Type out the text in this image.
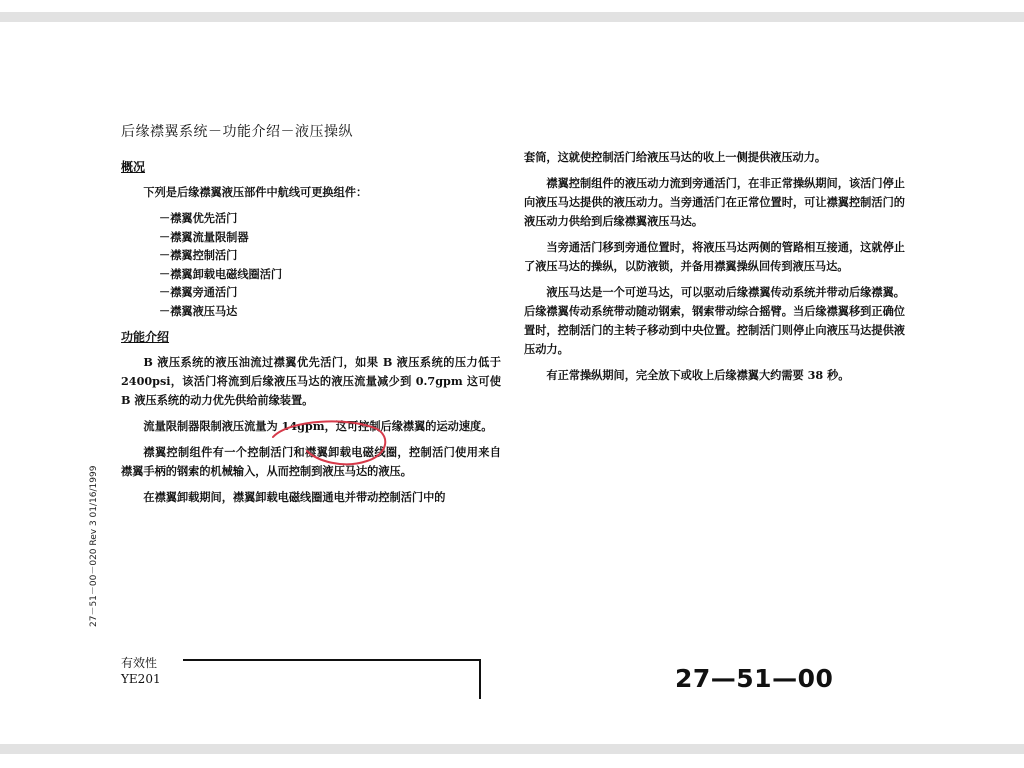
后缘襟翼系统－功能介绍－液压操纵
概况

下列是后缘襟翼液压部件中航线可更换组件：

－襟翼优先活门
－襟翼流量限制器
－襟翼控制活门
－襟翼卸载电磁线圈活门
－襟翼旁通活门
－襟翼液压马达
功能介绍

B 液压系统的液压油流过襟翼优先活门，如果 B 液压系统的压力低于 2400psi，该活门将流到后缘液压马达的液压流量减少到 0.7gpm 这可使 B 液压系统的动力优先供给前缘装置。

流量限制器限制液压流量为 14gpm，这可控制后缘襟翼的运动速度。

襟翼控制组件有一个控制活门和襟翼卸载电磁线圈，控制活门使用来自襟翼手柄的钢索的机械输入，从而控制到液压马达的液压。

在襟翼卸载期间，襟翼卸载电磁线圈通电并带动控制活门中的

套筒，这就使控制活门给液压马达的收上一侧提供液压动力。

襟翼控制组件的液压动力流到旁通活门，在非正常操纵期间，该活门停止向液压马达提供的液压动力。当旁通活门在正常位置时，可让襟翼控制活门的液压动力供给到后缘襟翼液压马达。

当旁通活门移到旁通位置时，将液压马达两侧的管路相互接通，这就停止了液压马达的操纵，以防液锁，并备用襟翼操纵回传到液压马达。

液压马达是一个可逆马达，可以驱动后缘襟翼传动系统并带动后缘襟翼。后缘襟翼传动系统带动随动钢索，钢索带动综合摇臂。当后缘襟翼移到正确位置时，控制活门的主转子移动到中央位置。控制活门则停止向液压马达提供液压动力。

有正常操纵期间，完全放下或收上后缘襟翼大约需要 38 秒。

27－51－00－020 Rev 3 01/16/1999
有效性
YE201	27—51—00
